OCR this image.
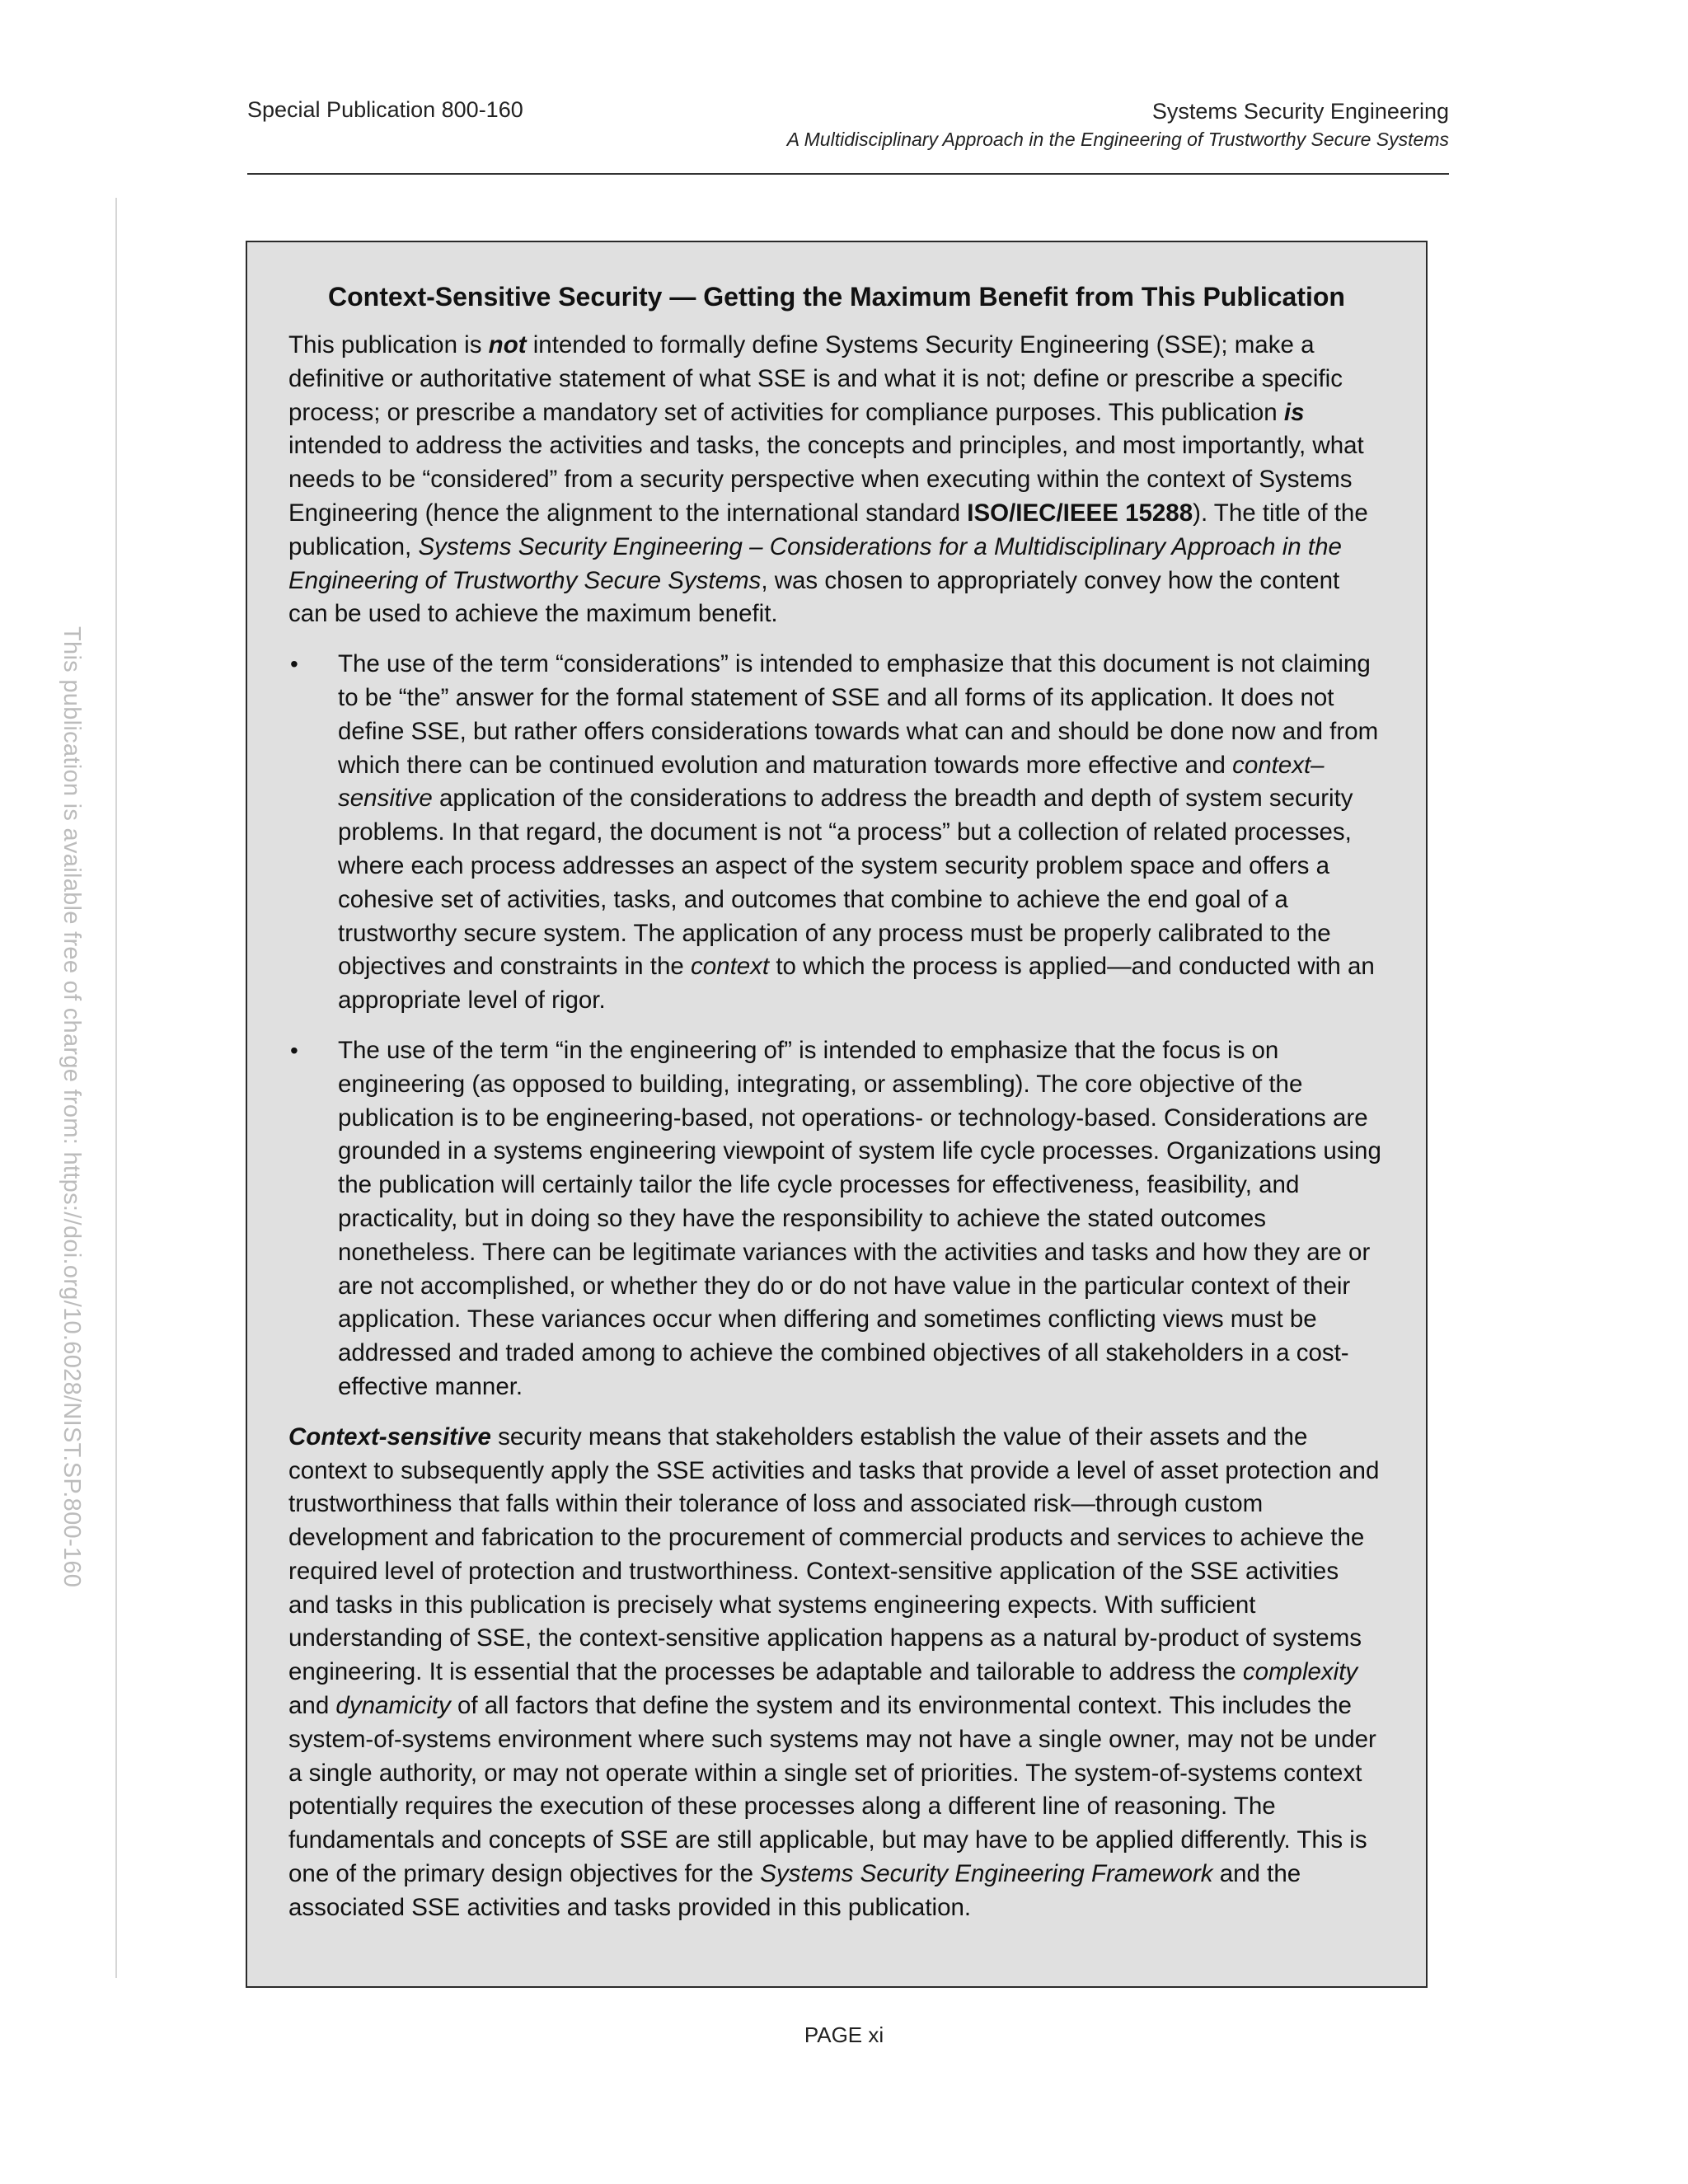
Special Publication 800-160	Systems Security Engineering
A Multidisciplinary Approach in the Engineering of Trustworthy Secure Systems
This publication is available free of charge from: https://doi.org/10.6028/NIST.SP.800-160
Context-Sensitive Security — Getting the Maximum Benefit from This Publication

This publication is not intended to formally define Systems Security Engineering (SSE); make a definitive or authoritative statement of what SSE is and what it is not; define or prescribe a specific process; or prescribe a mandatory set of activities for compliance purposes. This publication is intended to address the activities and tasks, the concepts and principles, and most importantly, what needs to be “considered” from a security perspective when executing within the context of Systems Engineering (hence the alignment to the international standard ISO/IEC/IEEE 15288). The title of the publication, Systems Security Engineering – Considerations for a Multidisciplinary Approach in the Engineering of Trustworthy Secure Systems, was chosen to appropriately convey how the content can be used to achieve the maximum benefit.

• The use of the term “considerations” is intended to emphasize that this document is not claiming to be “the” answer for the formal statement of SSE and all forms of its application. It does not define SSE, but rather offers considerations towards what can and should be done now and from which there can be continued evolution and maturation towards more effective and context–sensitive application of the considerations to address the breadth and depth of system security problems. In that regard, the document is not “a process” but a collection of related processes, where each process addresses an aspect of the system security problem space and offers a cohesive set of activities, tasks, and outcomes that combine to achieve the end goal of a trustworthy secure system. The application of any process must be properly calibrated to the objectives and constraints in the context to which the process is applied—and conducted with an appropriate level of rigor.
• The use of the term “in the engineering of” is intended to emphasize that the focus is on engineering (as opposed to building, integrating, or assembling). The core objective of the publication is to be engineering-based, not operations- or technology-based. Considerations are grounded in a systems engineering viewpoint of system life cycle processes. Organizations using the publication will certainly tailor the life cycle processes for effectiveness, feasibility, and practicality, but in doing so they have the responsibility to achieve the stated outcomes nonetheless. There can be legitimate variances with the activities and tasks and how they are or are not accomplished, or whether they do or do not have value in the particular context of their application. These variances occur when differing and sometimes conflicting views must be addressed and traded among to achieve the combined objectives of all stakeholders in a cost-effective manner.

Context-sensitive security means that stakeholders establish the value of their assets and the context to subsequently apply the SSE activities and tasks that provide a level of asset protection and trustworthiness that falls within their tolerance of loss and associated risk—through custom development and fabrication to the procurement of commercial products and services to achieve the required level of protection and trustworthiness. Context-sensitive application of the SSE activities and tasks in this publication is precisely what systems engineering expects. With sufficient understanding of SSE, the context-sensitive application happens as a natural by-product of systems engineering. It is essential that the processes be adaptable and tailorable to address the complexity and dynamicity of all factors that define the system and its environmental context. This includes the system-of-systems environment where such systems may not have a single owner, may not be under a single authority, or may not operate within a single set of priorities. The system-of-systems context potentially requires the execution of these processes along a different line of reasoning. The fundamentals and concepts of SSE are still applicable, but may have to be applied differently. This is one of the primary design objectives for the Systems Security Engineering Framework and the associated SSE activities and tasks provided in this publication.

PAGE xi
